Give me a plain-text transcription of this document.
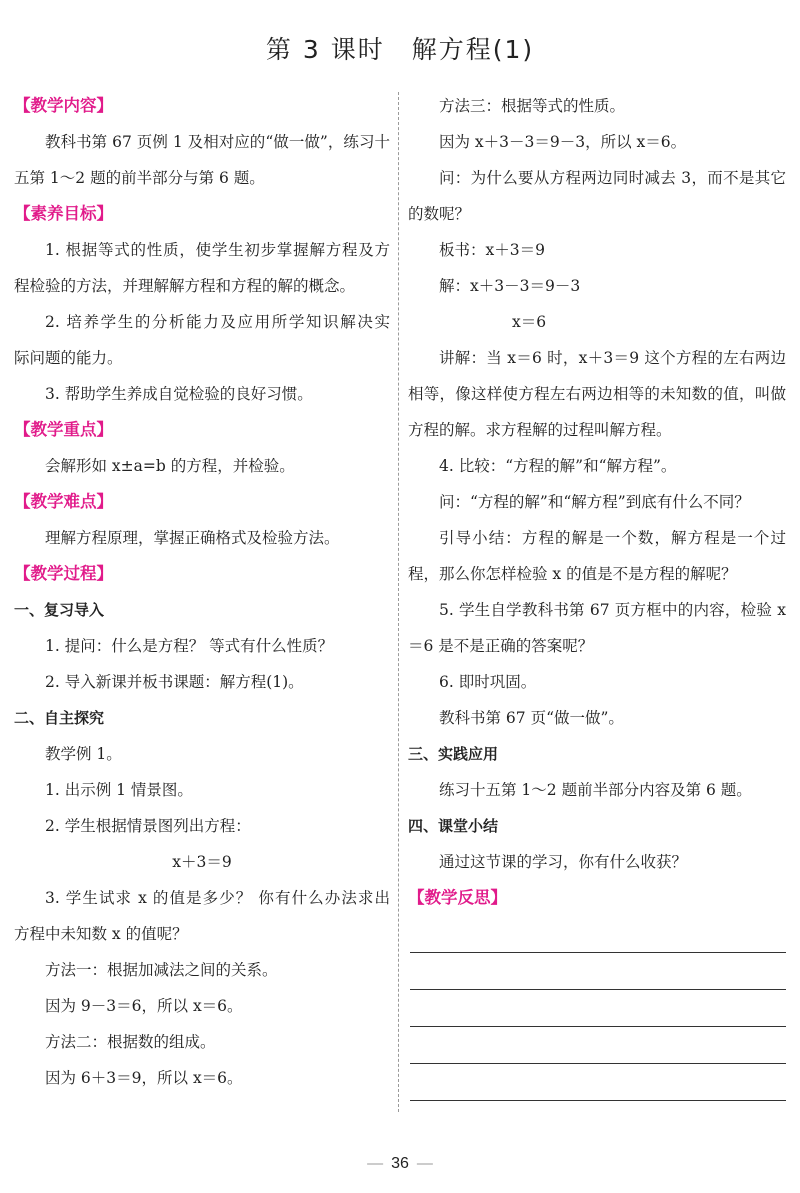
第 3 课时　解方程(1)
【教学内容】
教科书第 67 页例 1 及相对应的“做一做”，练习十
五第 1～2 题的前半部分与第 6 题。
【素养目标】
1. 根据等式的性质，使学生初步掌握解方程及方
程检验的方法，并理解解方程和方程的解的概念。
2. 培养学生的分析能力及应用所学知识解决实
际问题的能力。
3. 帮助学生养成自觉检验的良好习惯。
【教学重点】
会解形如 x±a=b 的方程，并检验。
【教学难点】
理解方程原理，掌握正确格式及检验方法。
【教学过程】
一、复习导入
1. 提问：什么是方程？ 等式有什么性质？
2. 导入新课并板书课题：解方程(1)。
二、自主探究
教学例 1。
1. 出示例 1 情景图。
2. 学生根据情景图列出方程：
x＋3＝9
3. 学生试求 x 的值是多少？ 你有什么办法求出
方程中未知数 x 的值呢？
方法一：根据加减法之间的关系。
因为 9－3＝6，所以 x＝6。
方法二：根据数的组成。
因为 6＋3＝9，所以 x＝6。
方法三：根据等式的性质。
因为 x＋3－3＝9－3，所以 x＝6。
问：为什么要从方程两边同时减去 3，而不是其它
的数呢？
板书：x＋3＝9
解：x＋3－3＝9－3
x＝6
讲解：当 x＝6 时，x＋3＝9 这个方程的左右两边
相等，像这样使方程左右两边相等的未知数的值，叫做
方程的解。求方程解的过程叫解方程。
4. 比较：“方程的解”和“解方程”。
问：“方程的解”和“解方程”到底有什么不同？
引导小结：方程的解是一个数，解方程是一个过
程，那么你怎样检验 x 的值是不是方程的解呢？
5. 学生自学教科书第 67 页方框中的内容，检验 x
＝6 是不是正确的答案呢？
6. 即时巩固。
教科书第 67 页“做一做”。
三、实践应用
练习十五第 1～2 题前半部分内容及第 6 题。
四、课堂小结
通过这节课的学习，你有什么收获？
【教学反思】
— 36 —
